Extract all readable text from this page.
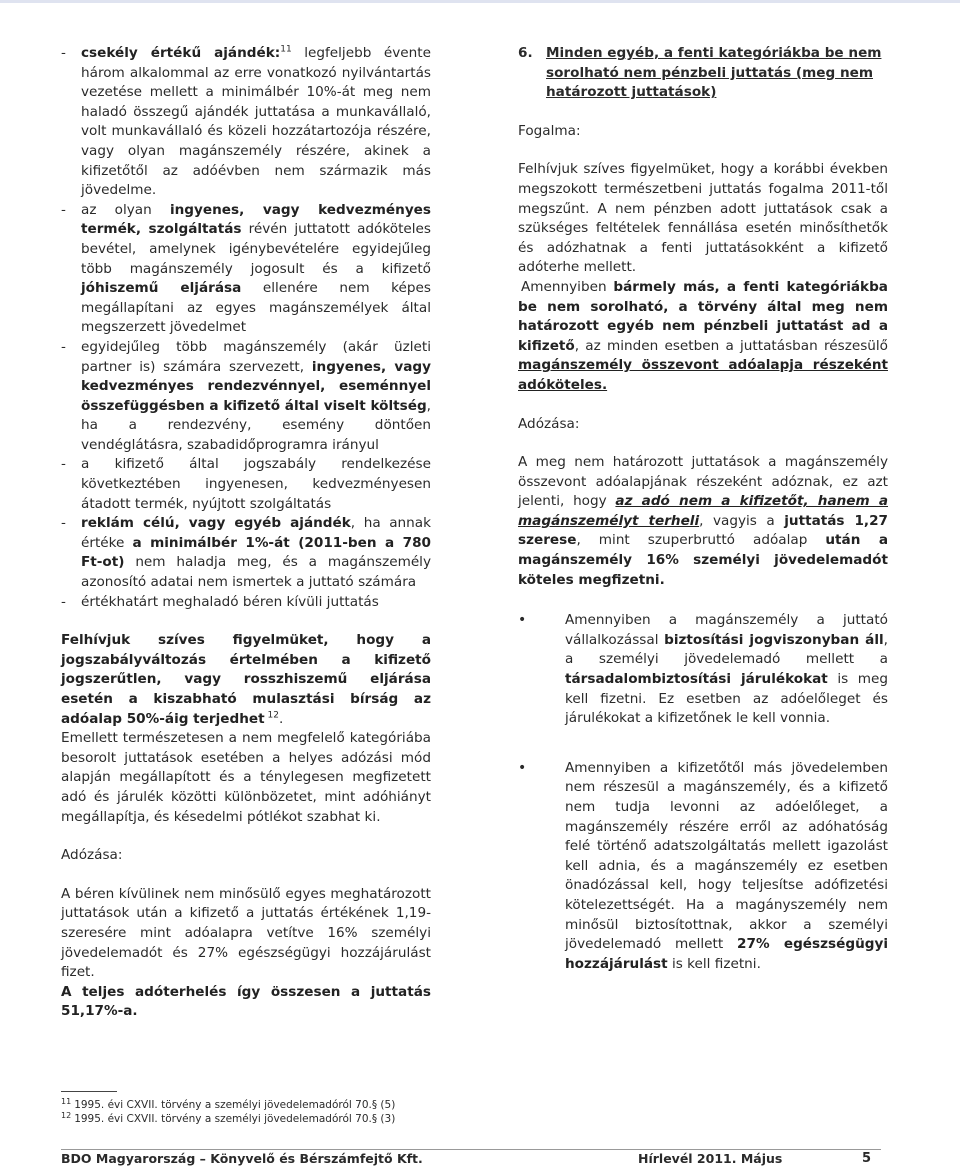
- csekély értékű ajándék:$^{11}$ legfeljebb évente három alkalommal az erre vonatkozó nyilvántartás vezetése mellett a minimálbér 10%-át meg nem haladó összegű ajándék juttatása a munkavállaló, volt munkavállaló és közeli hozzátartozója részére, vagy olyan magánszemély részére, akinek a kifizetőtől az adóévben nem származik más jövedelme.
- az olyan ingyenes, vagy kedvezményes termék, szolgáltatás révén juttatott adóköteles bevétel, amelynek igénybevételére egyidejűleg több magánszemély jogosult és a kifizető jóhiszemű eljárása ellenére nem képes megállapítani az egyes magánszemélyek által megszerzett jövedelmet
- egyidejűleg több magánszemély (akár üzleti partner is) számára szervezett, ingyenes, vagy kedvezményes rendezvénnyel, eseménnyel összefüggésben a kifizető által viselt költség, ha a rendezvény, esemény döntően vendéglátásra, szabadidőprogramra irányul
- a kifizető által jogszabály rendelkezése következtében ingyenesen, kedvezményesen átadott termék, nyújtott szolgáltatás
- reklám célú, vagy egyéb ajándék, ha annak értéke a minimálbér 1%-át (2011-ben a 780 Ft-ot) nem haladja meg, és a magánszemély azonosító adatai nem ismertek a juttató számára
- értékhatárt meghaladó béren kívüli juttatás

Felhívjuk szíves figyelmüket, hogy a jogszabályváltozás értelmében a kifizető jogszerűtlen, vagy rosszhiszemű eljárása esetén a kiszabható mulasztási bírság az adóalap 50%-áig terjedhet $^{12}$.

Emellett természetesen a nem megfelelő kategóriába besorolt juttatások esetében a helyes adózási mód alapján megállapított és a ténylegesen megfizetett adó és járulék közötti különbözetet, mint adóhiányt megállapítja, és késedelmi pótlékot szabhat ki.

Adózása:

A béren kívülinek nem minősülő egyes meghatározott juttatások után a kifizető a juttatás értékének 1,19-szeresére mint adóalapra vetítve 16% személyi jövedelemadót és 27% egészségügyi hozzájárulást fizet.

A teljes adóterhelés így összesen a juttatás 51,17%-a.

6. Minden egyéb, a fenti kategóriákba be nem sorolható nem pénzbeli juttatás (meg nem határozott juttatások)

Fogalma:

Felhívjuk szíves figyelmüket, hogy a korábbi években megszokott természetbeni juttatás fogalma 2011-től megszűnt. A nem pénzben adott juttatások csak a szükséges feltételek fennállása esetén minősíthetők és adózhatnak a fenti juttatásokként a kifizető adóterhe mellett.

Amennyiben bármely más, a fenti kategóriákba be nem sorolható, a törvény által meg nem határozott egyéb nem pénzbeli juttatást ad a kifizető, az minden esetben a juttatásban részesülő magánszemély összevont adóalapja részeként adóköteles.

Adózása:

A meg nem határozott juttatások a magánszemély összevont adóalapjának részeként adóznak, ez azt jelenti, hogy az adó nem a kifizetőt, hanem a magánszemélyt terheli, vagyis a juttatás 1,27 szerese, mint szuperbruttó adóalap után a magánszemély 16% személyi jövedelemadót köteles megfizetni.

• Amennyiben a magánszemély a juttató vállalkozással biztosítási jogviszonyban áll, a személyi jövedelemadó mellett a társadalombiztosítási járulékokat is meg kell fizetni. Ez esetben az adóelőleget és járulékokat a kifizetőnek le kell vonnia.
• Amennyiben a kifizetőtől más jövedelemben nem részesül a magánszemély, és a kifizető nem tudja levonni az adóelőleget, a magánszemély részére erről az adóhatóság felé történő adatszolgáltatás mellett igazolást kell adnia, és a magánszemély ez esetben önadózással kell, hogy teljesítse adófizetési kötelezettségét. Ha a magányszemély nem minősül biztosítottnak, akkor a személyi jövedelemadó mellett 27% egészségügyi hozzájárulást is kell fizetni.
$^{11}$ 1995. évi CXVII. törvény a személyi jövedelemadóról 70.§ (5)
$^{12}$ 1995. évi CXVII. törvény a személyi jövedelemadóról 70.§ (3)
BDO Magyarország – Könyvelő és Bérszámfejtő Kft.	Hírlevél 2011. Május	5
